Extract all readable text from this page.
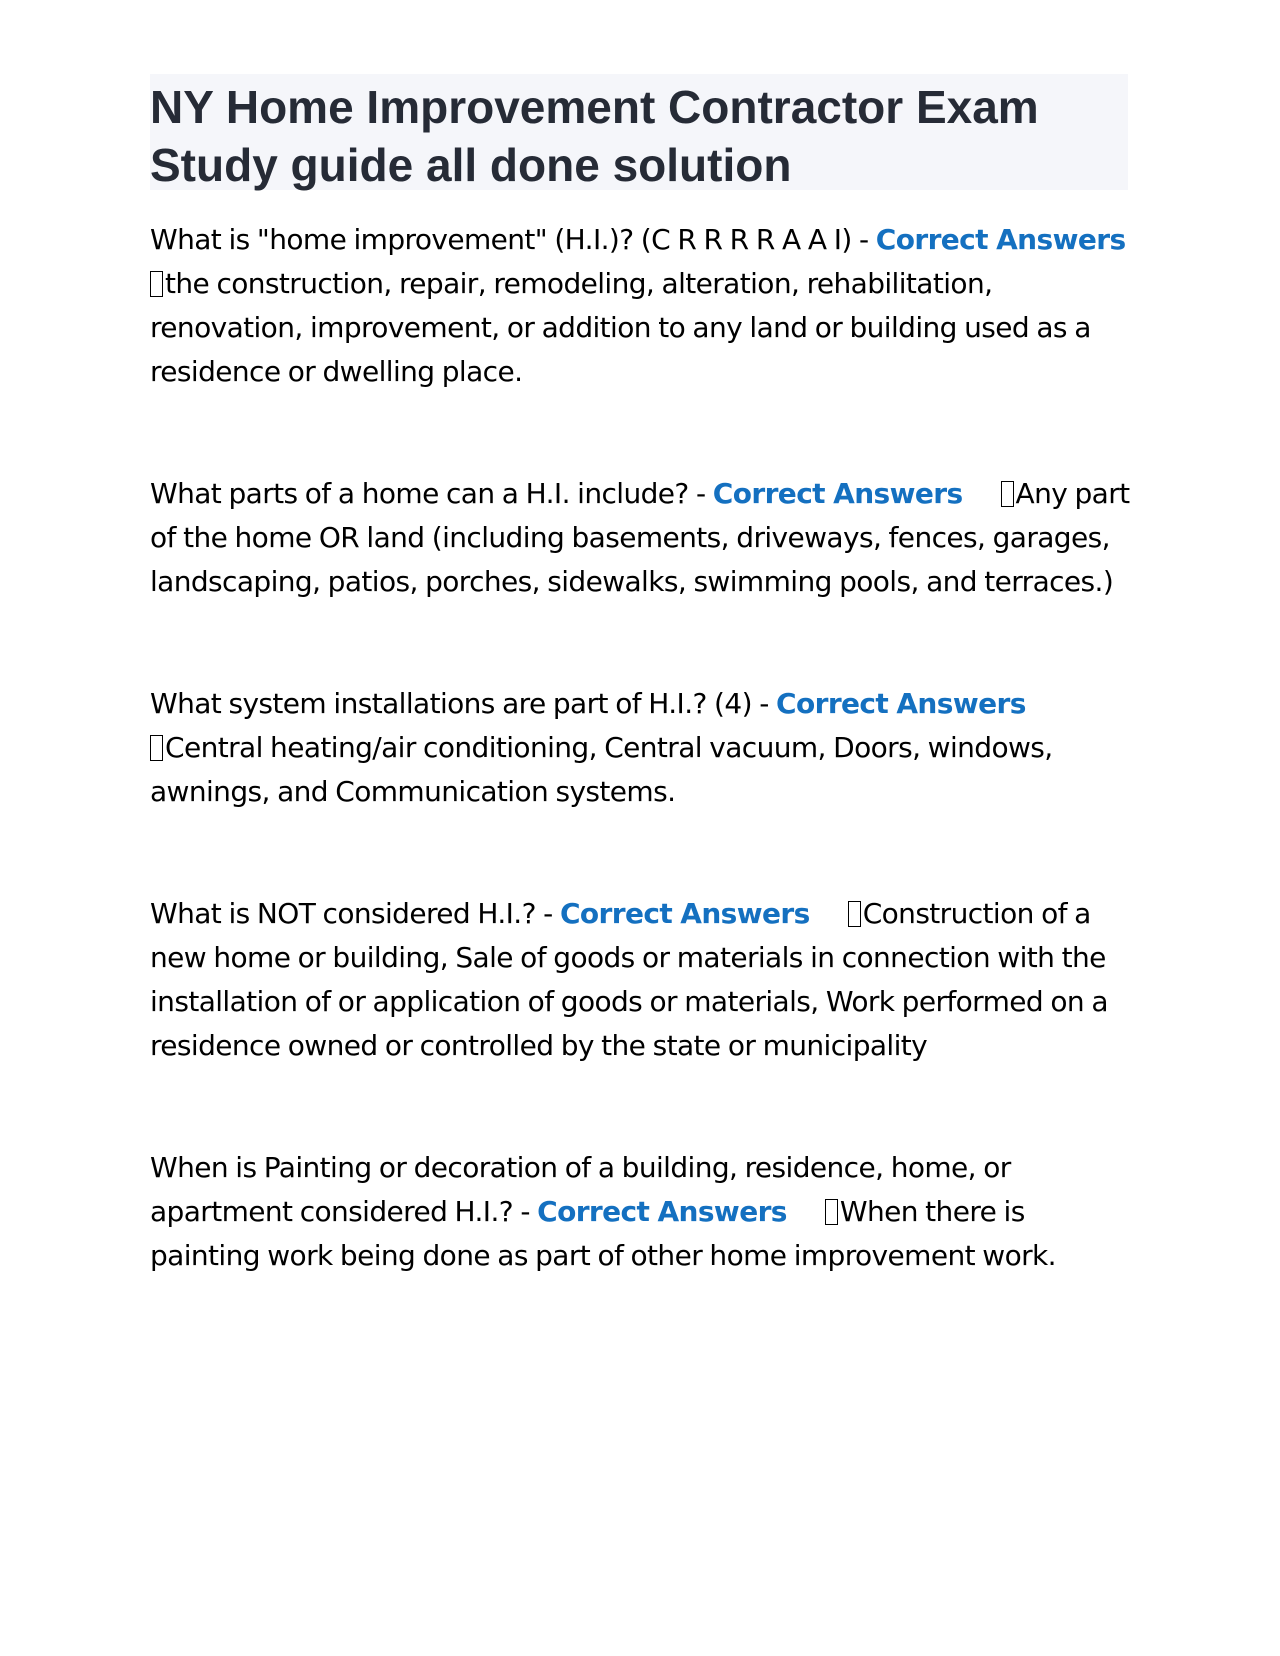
NY Home Improvement Contractor Exam
Study guide all done solution

What is "home improvement" (H.I.)? (C R R R R A A I) - Correct Answers
the construction, repair, remodeling, alteration, rehabilitation, renovation, improvement, or addition to any land or building used as a residence or dwelling place.

What parts of a home can a H.I. include? - Correct Answers Any part of the home OR land (including basements, driveways, fences, garages, landscaping, patios, porches, sidewalks, swimming pools, and terraces.)

What system installations are part of H.I.? (4) - Correct Answers
Central heating/air conditioning, Central vacuum, Doors, windows, awnings, and Communication systems.

What is NOT considered H.I.? - Correct Answers Construction of a new home or building, Sale of goods or materials in connection with the installation of or application of goods or materials, Work performed on a residence owned or controlled by the state or municipality

When is Painting or decoration of a building, residence, home, or apartment considered H.I.? - Correct Answers When there is painting work being done as part of other home improvement work.
